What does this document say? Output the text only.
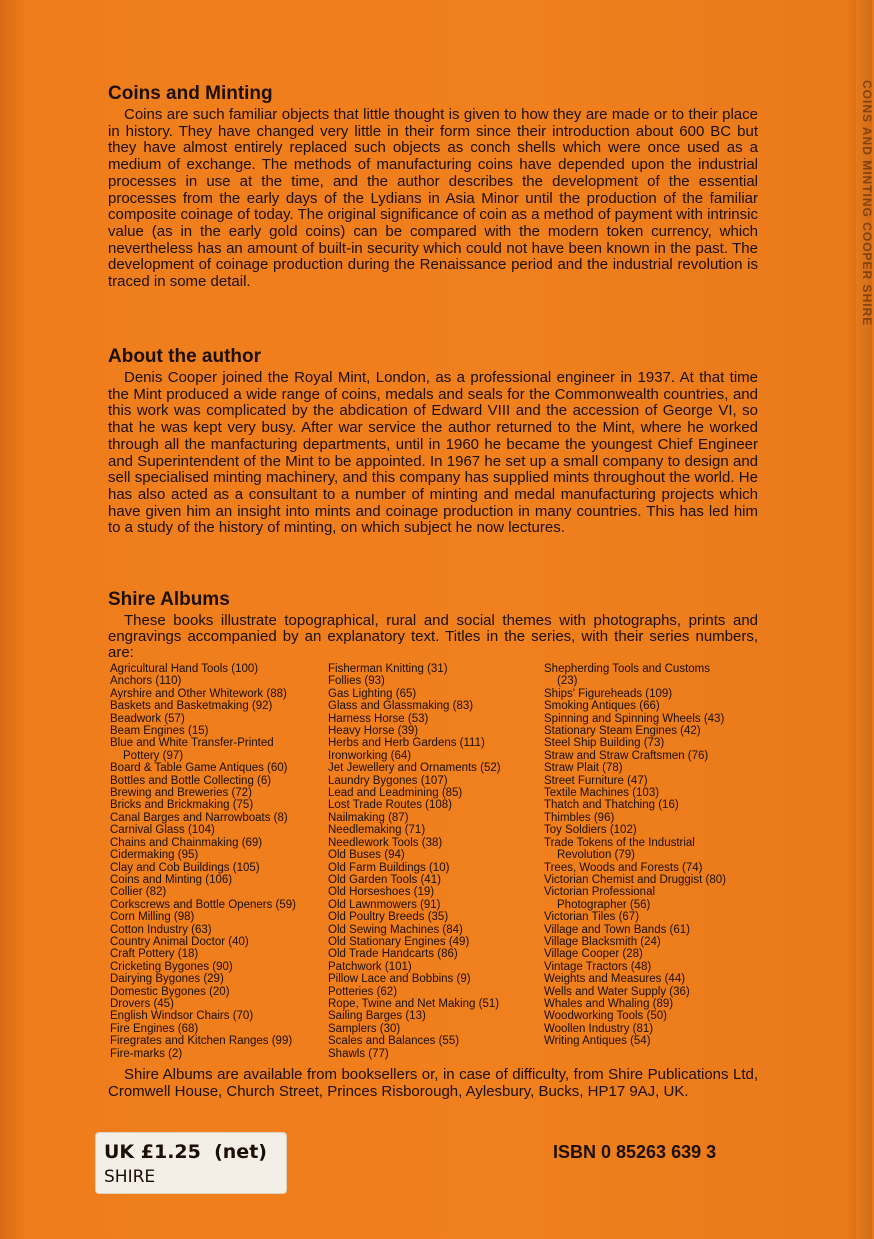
COINS AND MINTING COOPER SHIRE
Coins and Minting

Coins are such familiar objects that little thought is given to how they are made or to their place in history. They have changed very little in their form since their introduction about 600 BC but they have almost entirely replaced such objects as conch shells which were once used as a medium of exchange. The methods of manufacturing coins have depended upon the industrial processes in use at the time, and the author describes the development of the essential processes from the early days of the Lydians in Asia Minor until the production of the familiar composite coinage of today. The original significance of coin as a method of payment with intrinsic value (as in the early gold coins) can be compared with the modern token currency, which nevertheless has an amount of built-in security which could not have been known in the past. The development of coinage production during the Renaissance period and the industrial revolution is traced in some detail.

About the author

Denis Cooper joined the Royal Mint, London, as a professional engineer in 1937. At that time the Mint produced a wide range of coins, medals and seals for the Commonwealth countries, and this work was complicated by the abdication of Edward VIII and the accession of George VI, so that he was kept very busy. After war service the author returned to the Mint, where he worked through all the manfacturing departments, until in 1960 he became the youngest Chief Engineer and Superintendent of the Mint to be appointed. In 1967 he set up a small company to design and sell specialised minting machinery, and this company has supplied mints throughout the world. He has also acted as a consultant to a number of minting and medal manufacturing projects which have given him an insight into mints and coinage production in many countries. This has led him to a study of the history of minting, on which subject he now lectures.

Shire Albums

These books illustrate topographical, rural and social themes with photographs, prints and engravings accompanied by an explanatory text. Titles in the series, with their series numbers, are:

Agricultural Hand Tools (100)
Anchors (110)
Ayrshire and Other Whitework (88)
Baskets and Basketmaking (92)
Beadwork (57)
Beam Engines (15)
Blue and White Transfer-Printed
Pottery (97)
Board & Table Game Antiques (60)
Bottles and Bottle Collecting (6)
Brewing and Breweries (72)
Bricks and Brickmaking (75)
Canal Barges and Narrowboats (8)
Carnival Glass (104)
Chains and Chainmaking (69)
Cidermaking (95)
Clay and Cob Buildings (105)
Coins and Minting (106)
Collier (82)
Corkscrews and Bottle Openers (59)
Corn Milling (98)
Cotton Industry (63)
Country Animal Doctor (40)
Craft Pottery (18)
Cricketing Bygones (90)
Dairying Bygones (29)
Domestic Bygones (20)
Drovers (45)
English Windsor Chairs (70)
Fire Engines (68)
Firegrates and Kitchen Ranges (99)
Fire-marks (2)
Fisherman Knitting (31)
Follies (93)
Gas Lighting (65)
Glass and Glassmaking (83)
Harness Horse (53)
Heavy Horse (39)
Herbs and Herb Gardens (111)
Ironworking (64)
Jet Jewellery and Ornaments (52)
Laundry Bygones (107)
Lead and Leadmining (85)
Lost Trade Routes (108)
Nailmaking (87)
Needlemaking (71)
Needlework Tools (38)
Old Buses (94)
Old Farm Buildings (10)
Old Garden Tools (41)
Old Horseshoes (19)
Old Lawnmowers (91)
Old Poultry Breeds (35)
Old Sewing Machines (84)
Old Stationary Engines (49)
Old Trade Handcarts (86)
Patchwork (101)
Pillow Lace and Bobbins (9)
Potteries (62)
Rope, Twine and Net Making (51)
Sailing Barges (13)
Samplers (30)
Scales and Balances (55)
Shawls (77)
Shepherding Tools and Customs
(23)
Ships' Figureheads (109)
Smoking Antiques (66)
Spinning and Spinning Wheels (43)
Stationary Steam Engines (42)
Steel Ship Building (73)
Straw and Straw Craftsmen (76)
Straw Plait (78)
Street Furniture (47)
Textile Machines (103)
Thatch and Thatching (16)
Thimbles (96)
Toy Soldiers (102)
Trade Tokens of the Industrial
Revolution (79)
Trees, Woods and Forests (74)
Victorian Chemist and Druggist (80)
Victorian Professional
Photographer (56)
Victorian Tiles (67)
Village and Town Bands (61)
Village Blacksmith (24)
Village Cooper (28)
Vintage Tractors (48)
Weights and Measures (44)
Wells and Water Supply (36)
Whales and Whaling (89)
Woodworking Tools (50)
Woollen Industry (81)
Writing Antiques (54)

Shire Albums are available from booksellers or, in case of difficulty, from Shire Publications Ltd, Cromwell House, Church Street, Princes Risborough, Aylesbury, Bucks, HP17 9AJ, UK.

UK £1.25  (net)
SHIRE
ISBN 0 85263 639 3
